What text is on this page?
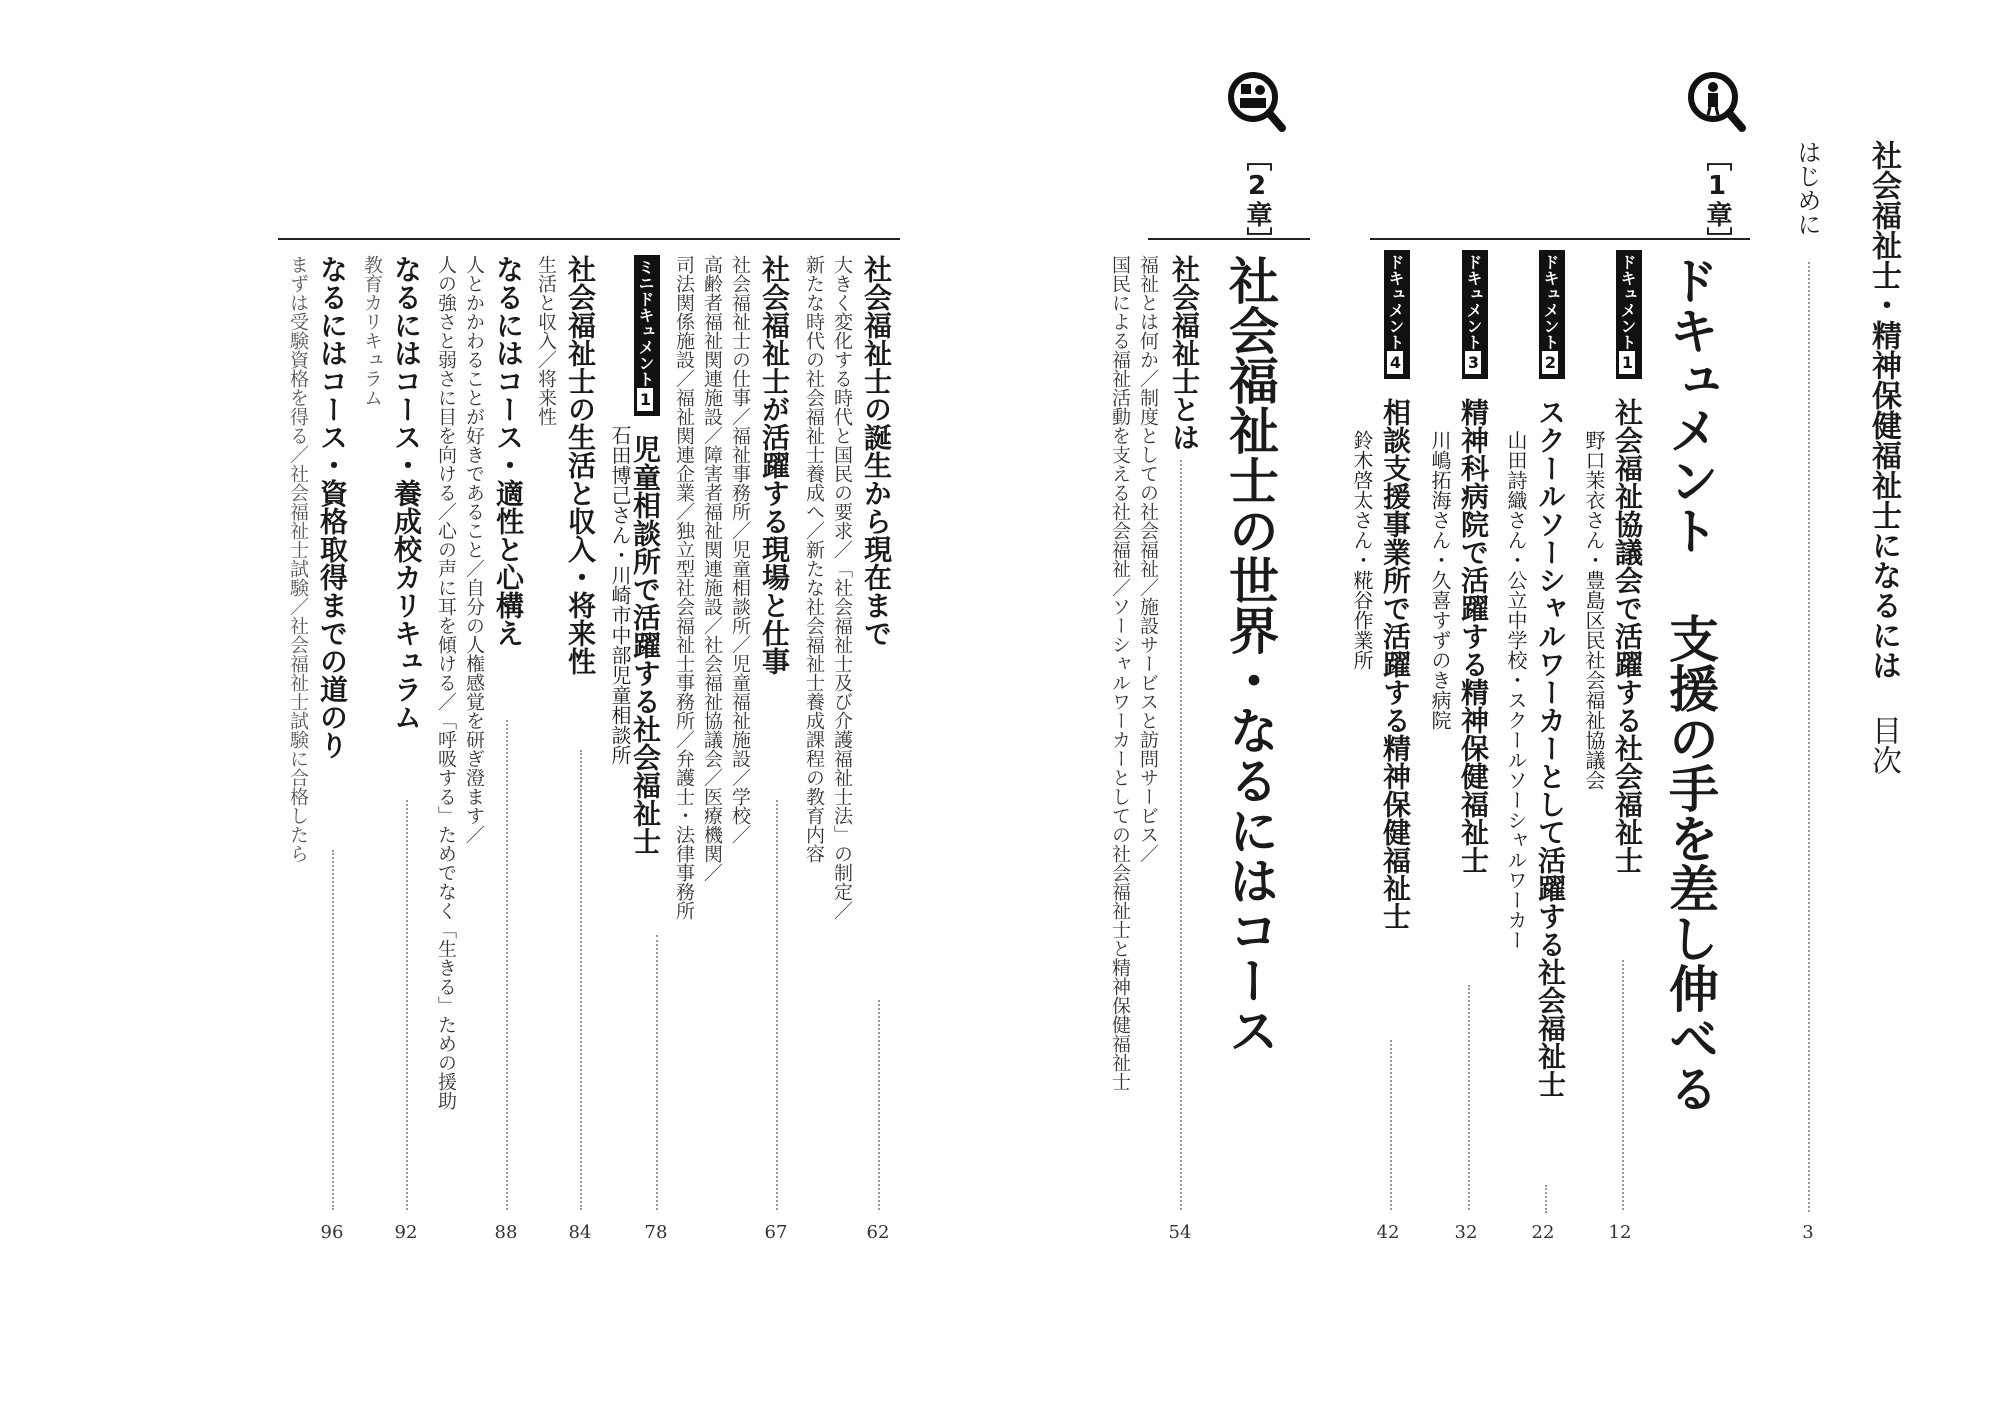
社会福祉士・精神保健福祉士になるには 目次
はじめに
3
［1章］
ドキュメント 支援の手を差し伸べる
ドキュメント1 社会福祉協議会で活躍する社会福祉士
野口茉衣さん・豊島区民社会福祉協議会
12
ドキュメント2 スクールソーシャルワーカーとして活躍する社会福祉士
山田詩織さん・公立中学校・スクールソーシャルワーカー
22
ドキュメント3 精神科病院で活躍する精神保健福祉士
川嶋拓海さん・久喜すずのき病院
32
ドキュメント4 相談支援事業所で活躍する精神保健福祉士
鈴木啓太さん・糀谷作業所
42
［2章］
社会福祉士の世界・なるにはコース
社会福祉士とは
福祉とは何か／制度としての社会福祉／施設サービスと訪問サービス／
国民による福祉活動を支える社会福祉／ソーシャルワーカーとしての社会福祉士と精神保健福祉士
54
社会福祉士の誕生から現在まで
大きく変化する時代と国民の要求／「社会福祉士及び介護福祉士法」の制定／
新たな時代の社会福祉士養成へ／新たな社会福祉士養成課程の教育内容
62
社会福祉士が活躍する現場と仕事
社会福祉士の仕事／福祉事務所／児童相談所／児童福祉施設／学校／
高齢者福祉関連施設／障害者福祉関連施設／社会福祉協議会／医療機関／
司法関係施設／福祉関連企業／独立型社会福祉士事務所／弁護士・法律事務所
67
ミニドキュメント1 児童相談所で活躍する社会福祉士
石田博己さん・川崎市中部児童相談所
78
社会福祉士の生活と収入・将来性
生活と収入／将来性
84
なるにはコース・適性と心構え
人とかかわることが好きであること／自分の人権感覚を研ぎ澄ます／
人の強さと弱さに目を向ける／心の声に耳を傾ける／「呼吸する」ためでなく「生きる」ための援助
88
なるにはコース・養成校カリキュラム
教育カリキュラム
92
なるにはコース・資格取得までの道のり
まずは受験資格を得る／社会福祉士試験／社会福祉士試験に合格したら
96
